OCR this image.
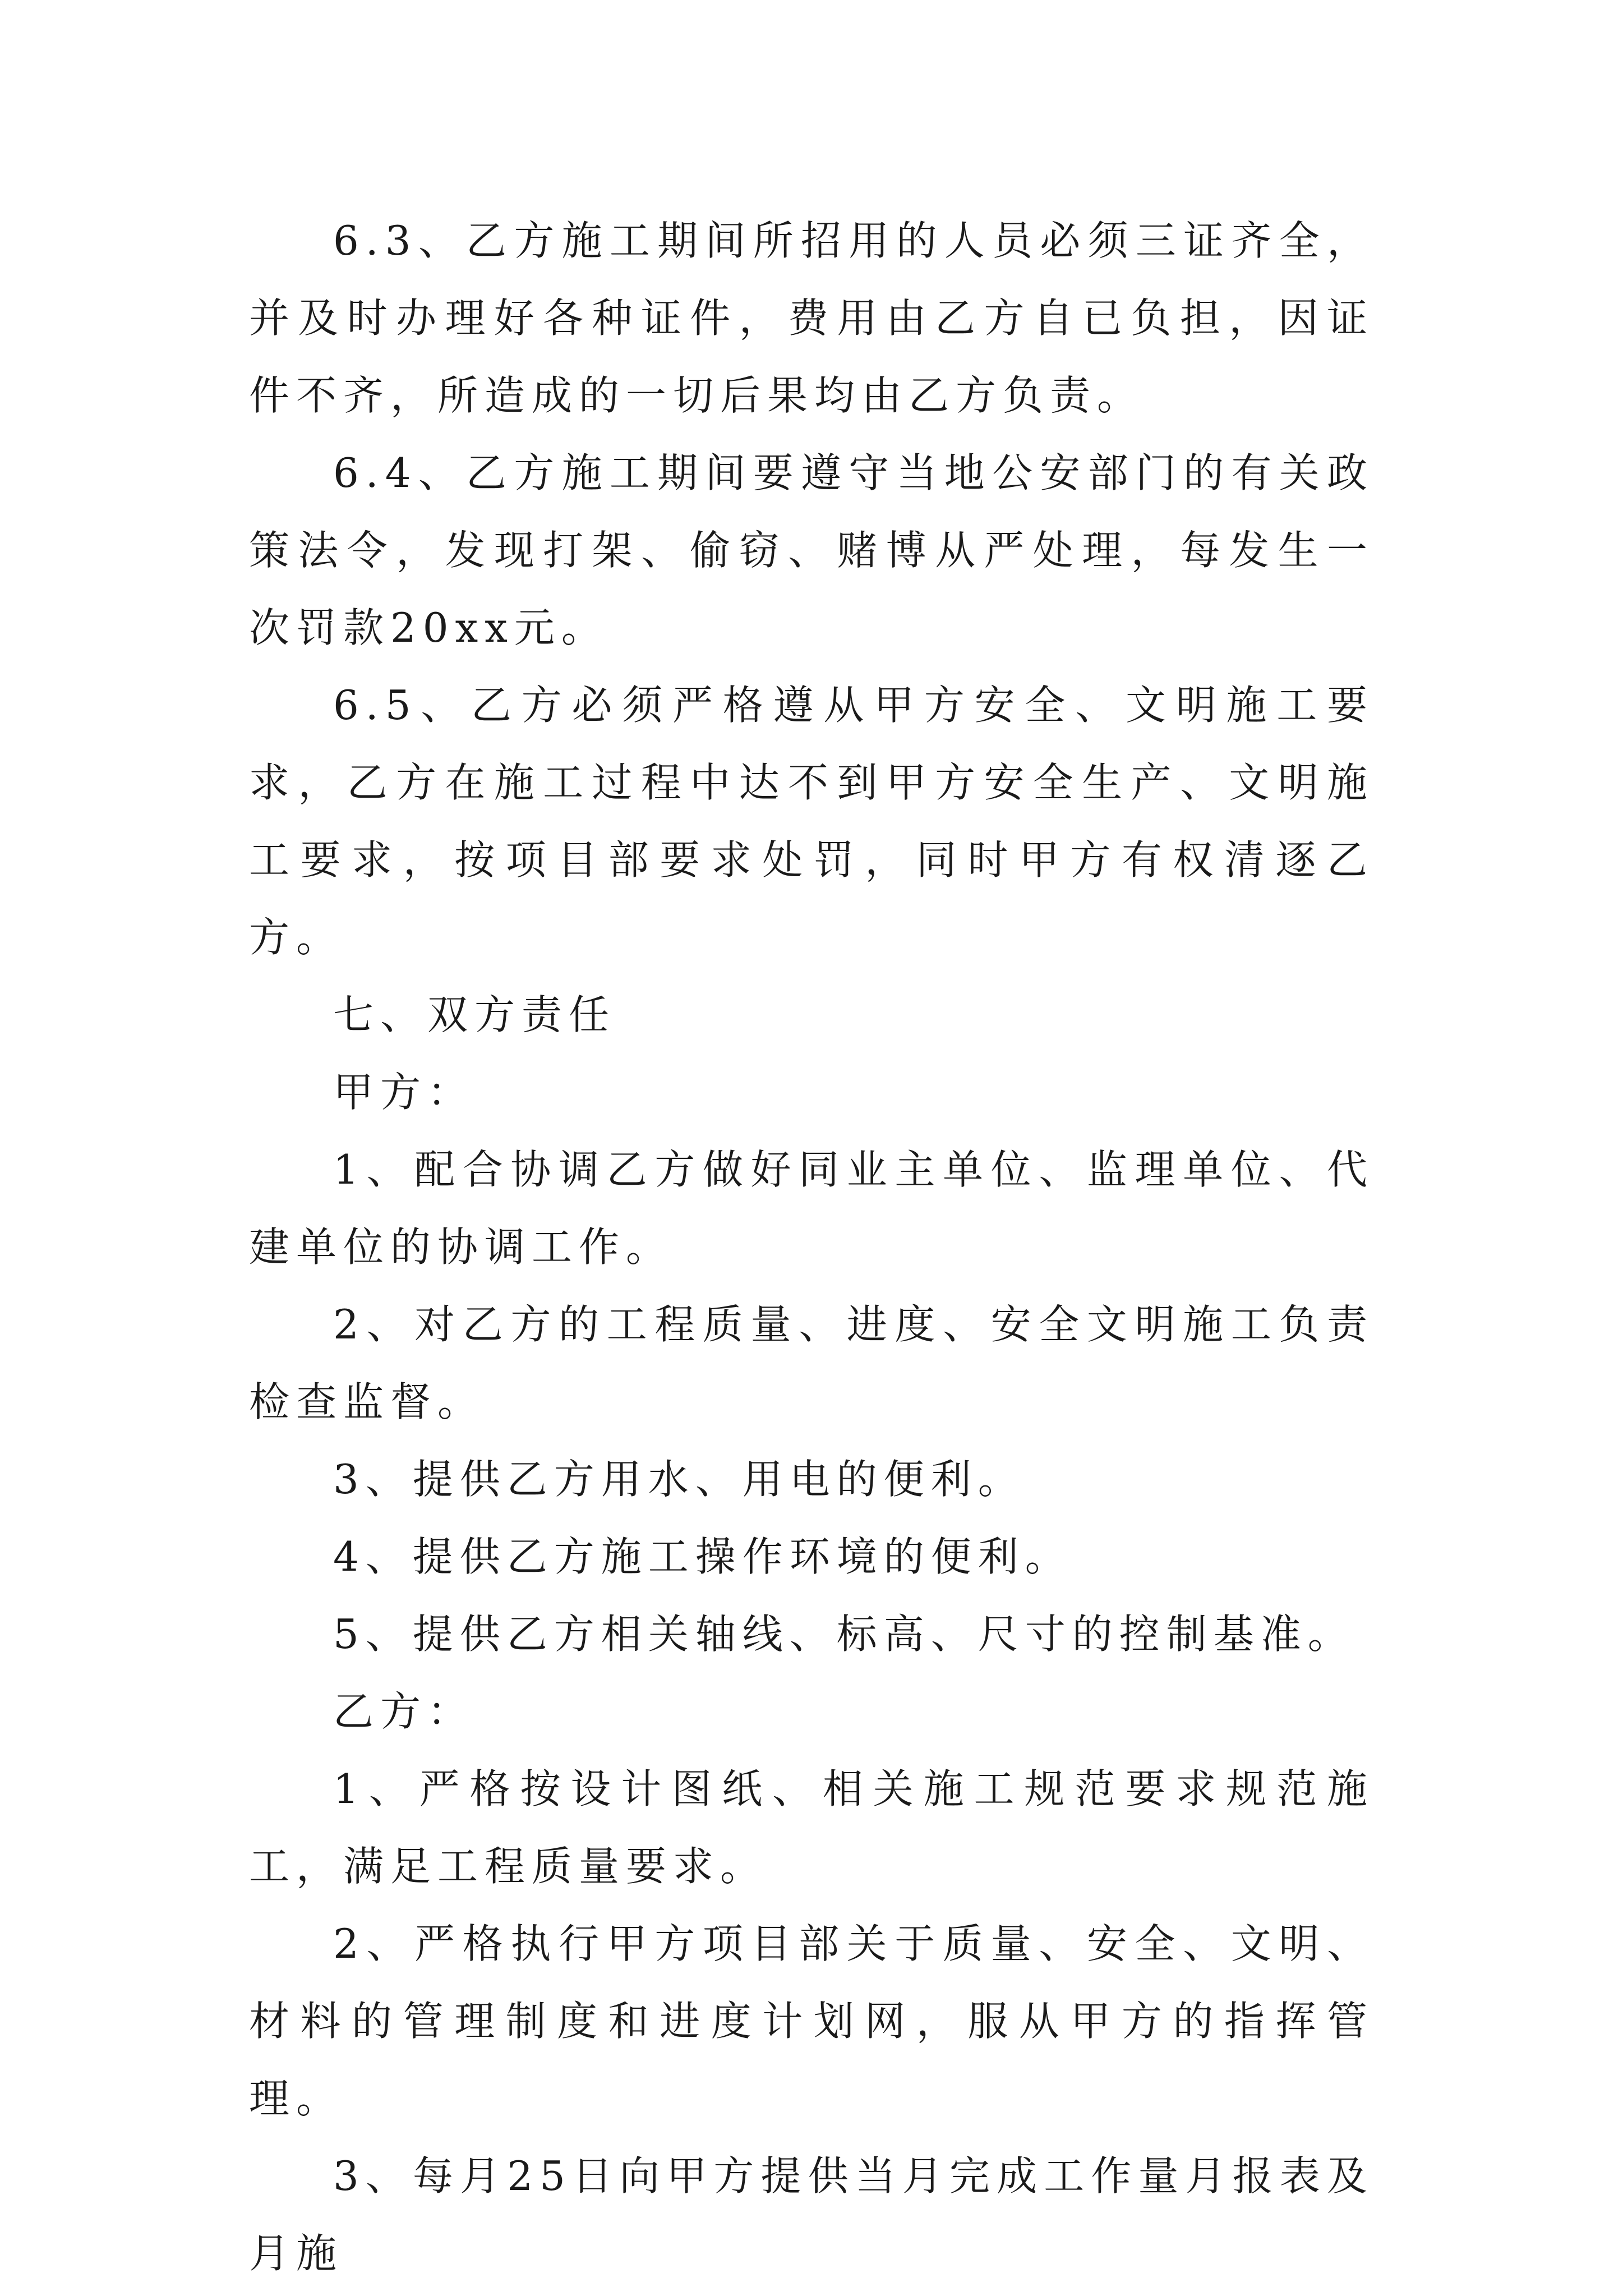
6.3、乙方施工期间所招用的人员必须三证齐全，并及时办理好各种证件，费用由乙方自已负担，因证件不齐，所造成的一切后果均由乙方负责。

6.4、乙方施工期间要遵守当地公安部门的有关政策法令，发现打架、偷窃、赌博从严处理，每发生一次罚款20xx元。

6.5、乙方必须严格遵从甲方安全、文明施工要求，乙方在施工过程中达不到甲方安全生产、文明施工要求，按项目部要求处罚，同时甲方有权清逐乙方。

七、双方责任

甲方：

1、配合协调乙方做好同业主单位、监理单位、代建单位的协调工作。

2、对乙方的工程质量、进度、安全文明施工负责检查监督。

3、提供乙方用水、用电的便利。

4、提供乙方施工操作环境的便利。

5、提供乙方相关轴线、标高、尺寸的控制基准。

乙方：

1、严格按设计图纸、相关施工规范要求规范施工，满足工程质量要求。

2、严格执行甲方项目部关于质量、安全、文明、材料的管理制度和进度计划网，服从甲方的指挥管理。

3、每月25日向甲方提供当月完成工作量月报表及月施
